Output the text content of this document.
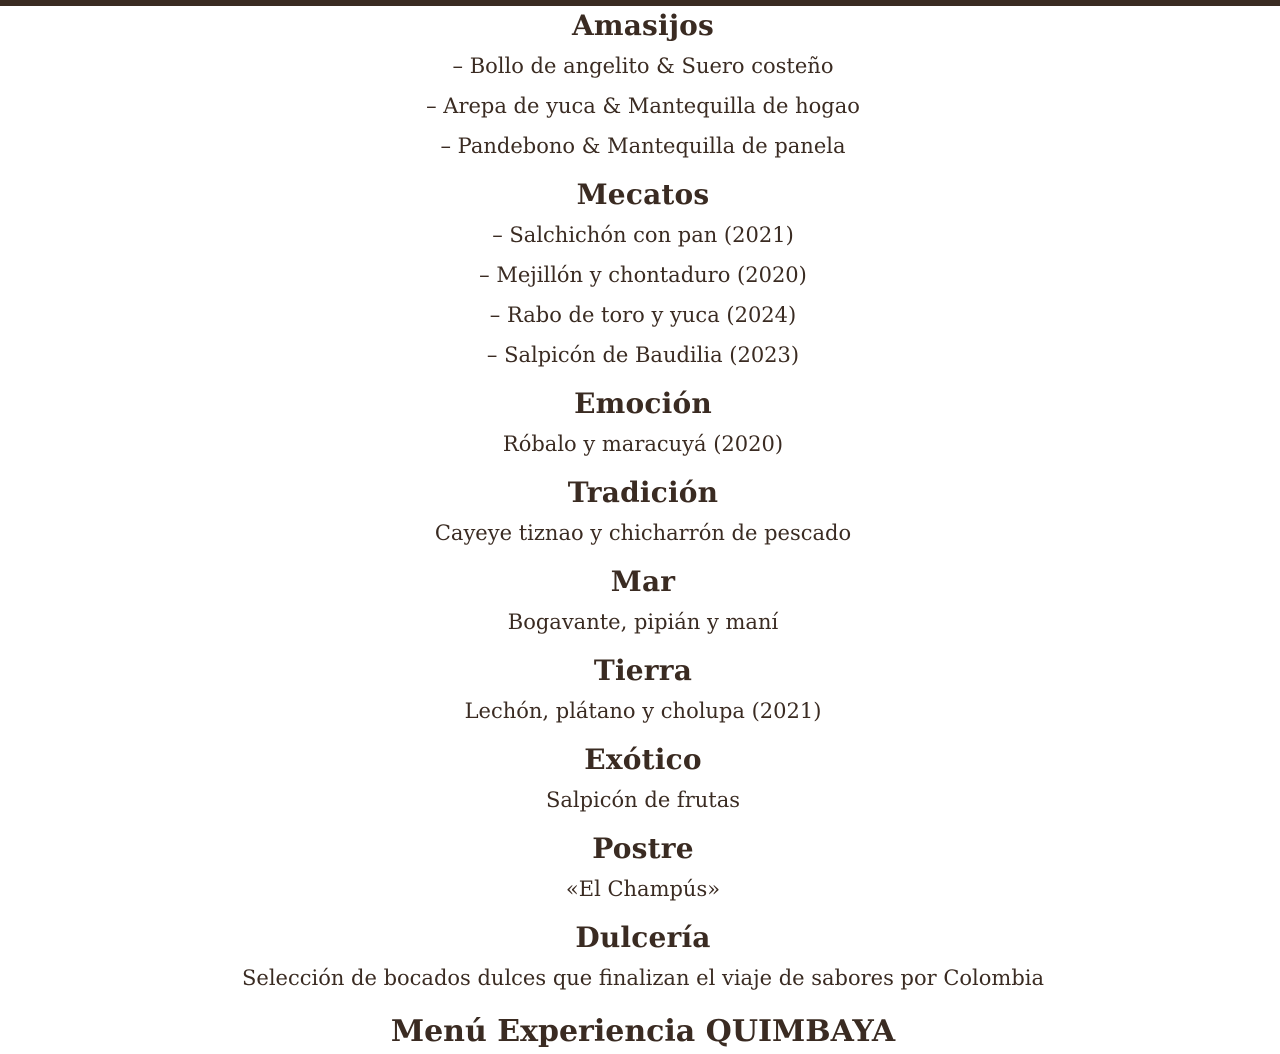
Amasijos
– Bollo de angelito & Suero costeño
– Arepa de yuca & Mantequilla de hogao
– Pandebono & Mantequilla de panela
Mecatos
– Salchichón con pan (2021)
– Mejillón y chontaduro (2020)
– Rabo de toro y yuca (2024)
– Salpicón de Baudilia (2023)
Emoción
Róbalo y maracuyá (2020)
Tradición
Cayeye tiznao y chicharrón de pescado
Mar
Bogavante, pipián y maní
Tierra
Lechón, plátano y cholupa (2021)
Exótico
Salpicón de frutas
Postre
«El Champús»
Dulcería
Selección de bocados dulces que finalizan el viaje de sabores por Colombia
Menú Experiencia QUIMBAYA
